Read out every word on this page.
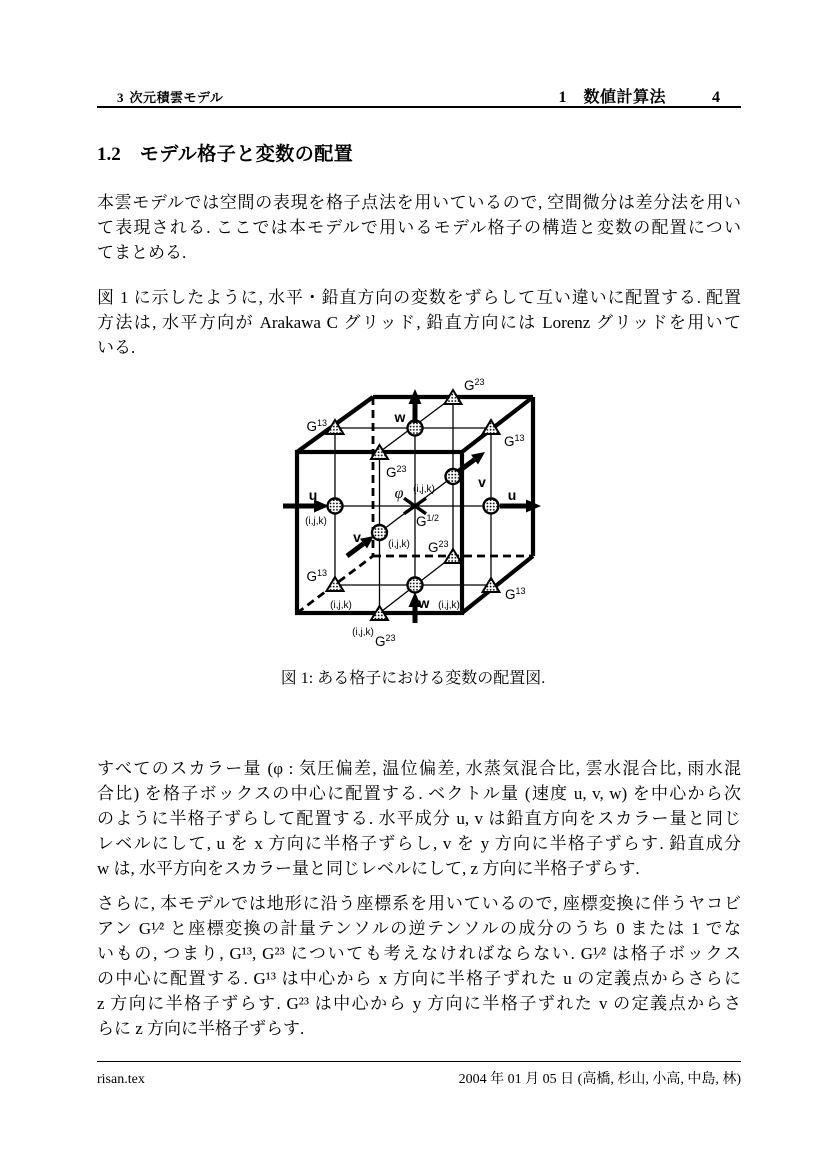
3 次元積雲モデル	1 数値計算法	4
1.2 モデル格子と変数の配置
本雲モデルでは空間の表現を格子点法を用いているので, 空間微分は差分法を用い
て表現される. ここでは本モデルで用いるモデル格子の構造と変数の配置につい
てまとめる.
図 1 に示したように, 水平・鉛直方向の変数をずらして互い違いに配置する. 配置
方法は, 水平方向が Arakawa C グリッド, 鉛直方向には Lorenz グリッドを用いて
いる.
u
(i,j,k)
u
v	(i,j,k)
v
w
w (i,j,k)
φ (i,j,k)
$G^{1/2}$
$G^{13}$
$G^{13}$
$G^{13}$
(i,j,k)
$G^{13}$
$G^{23}$
$G^{23}$
$G^{23}$
$G^{23}$
(i,j,k)
図 1: ある格子における変数の配置図.
すべてのスカラー量 (φ : 気圧偏差, 温位偏差, 水蒸気混合比, 雲水混合比, 雨水混
合比) を格子ボックスの中心に配置する. ベクトル量 (速度 u, v, w) を中心から次
のように半格子ずらして配置する. 水平成分 u, v は鉛直方向をスカラー量と同じ
レベルにして, u を x 方向に半格子ずらし, v を y 方向に半格子ずらす. 鉛直成分
w は, 水平方向をスカラー量と同じレベルにして, z 方向に半格子ずらす.
さらに, 本モデルでは地形に沿う座標系を用いているので, 座標変換に伴うヤコビ
アン G¹⁄² と座標変換の計量テンソルの逆テンソルの成分のうち 0 または 1 でな
いもの, つまり, G¹³, G²³ についても考えなければならない. G¹⁄² は格子ボックス
の中心に配置する. G¹³ は中心から x 方向に半格子ずれた u の定義点からさらに
z 方向に半格子ずらす. G²³ は中心から y 方向に半格子ずれた v の定義点からさ
らに z 方向に半格子ずらす.
risan.tex	2004 年 01 月 05 日 (高橋, 杉山, 小高, 中島, 林)
